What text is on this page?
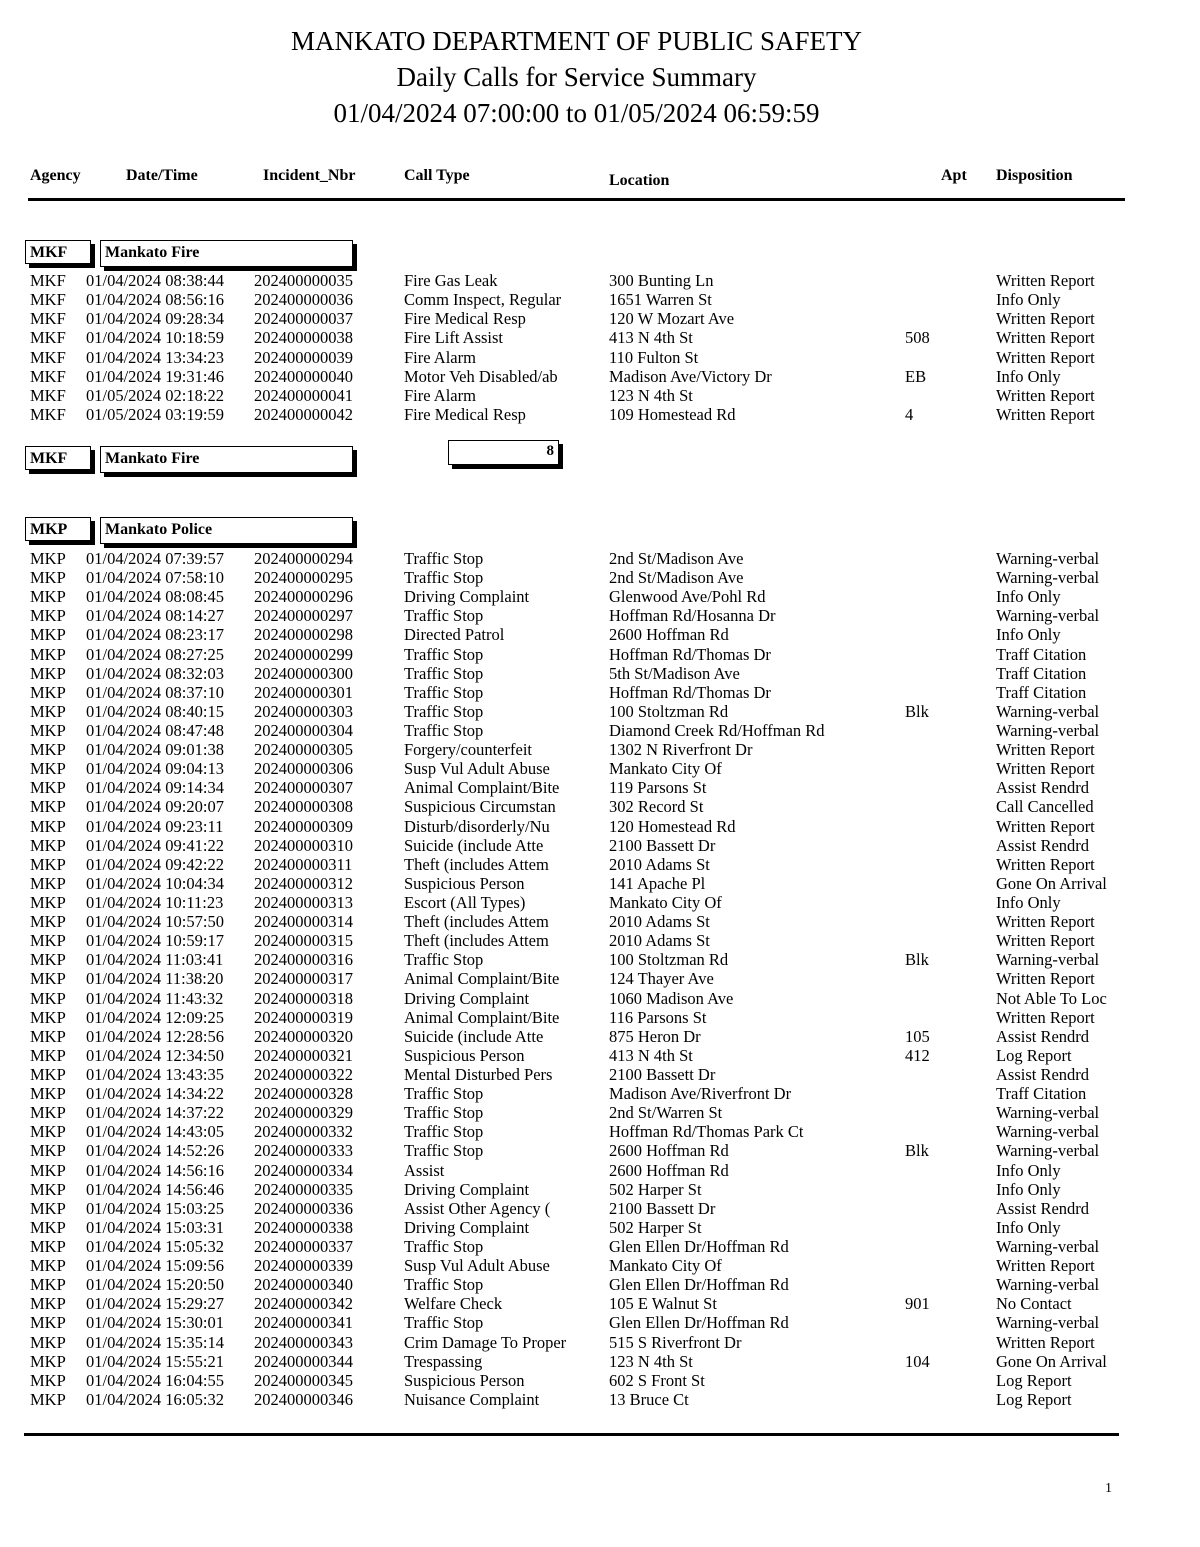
MANKATO DEPARTMENT OF PUBLIC SAFETY
Daily Calls for Service Summary
01/04/2024 07:00:00 to 01/05/2024 06:59:59
Agency	Date/Time	Incident_Nbr	Call Type	Location	Apt Disposition
MKF	Mankato Fire
MKF 01/04/2024 08:38:44 202400000035	Fire Gas Leak	300 Bunting Ln	Written Report
MKF 01/04/2024 08:56:16 202400000036	Comm Inspect, Regular	1651 Warren St	Info Only
MKF 01/04/2024 09:28:34 202400000037	Fire Medical Resp	120 W Mozart Ave	Written Report
MKF 01/04/2024 10:18:59 202400000038	Fire Lift Assist	413 N 4th St	508	Written Report
MKF 01/04/2024 13:34:23 202400000039	Fire Alarm	110 Fulton St	Written Report
MKF 01/04/2024 19:31:46 202400000040	Motor Veh Disabled/ab	Madison Ave/Victory Dr	EB	Info Only
MKF 01/05/2024 02:18:22 202400000041	Fire Alarm	123 N 4th St	Written Report
MKF 01/05/2024 03:19:59 202400000042	Fire Medical Resp	109 Homestead Rd	4	Written Report
MKF	Mankato Fire	8
MKP	Mankato Police
MKP 01/04/2024 07:39:57 202400000294	Traffic Stop	2nd St/Madison Ave	Warning-verbal
MKP 01/04/2024 07:58:10 202400000295	Traffic Stop	2nd St/Madison Ave	Warning-verbal
MKP 01/04/2024 08:08:45 202400000296	Driving Complaint	Glenwood Ave/Pohl Rd	Info Only
MKP 01/04/2024 08:14:27 202400000297	Traffic Stop	Hoffman Rd/Hosanna Dr	Warning-verbal
MKP 01/04/2024 08:23:17 202400000298	Directed Patrol	2600 Hoffman Rd	Info Only
MKP 01/04/2024 08:27:25 202400000299	Traffic Stop	Hoffman Rd/Thomas Dr	Traff Citation
MKP 01/04/2024 08:32:03 202400000300	Traffic Stop	5th St/Madison Ave	Traff Citation
MKP 01/04/2024 08:37:10 202400000301	Traffic Stop	Hoffman Rd/Thomas Dr	Traff Citation
MKP 01/04/2024 08:40:15 202400000303	Traffic Stop	100 Stoltzman Rd	Blk	Warning-verbal
MKP 01/04/2024 08:47:48 202400000304	Traffic Stop	Diamond Creek Rd/Hoffman Rd	Warning-verbal
MKP 01/04/2024 09:01:38 202400000305	Forgery/counterfeit	1302 N Riverfront Dr	Written Report
MKP 01/04/2024 09:04:13 202400000306	Susp Vul Adult Abuse	Mankato City Of	Written Report
MKP 01/04/2024 09:14:34 202400000307	Animal Complaint/Bite	119 Parsons St	Assist Rendrd
MKP 01/04/2024 09:20:07 202400000308	Suspicious Circumstan	302 Record St	Call Cancelled
MKP 01/04/2024 09:23:11 202400000309	Disturb/disorderly/Nu	120 Homestead Rd	Written Report
MKP 01/04/2024 09:41:22 202400000310	Suicide (include Atte	2100 Bassett Dr	Assist Rendrd
MKP 01/04/2024 09:42:22 202400000311	Theft (includes Attem	2010 Adams St	Written Report
MKP 01/04/2024 10:04:34 202400000312	Suspicious Person	141 Apache Pl	Gone On Arrival
MKP 01/04/2024 10:11:23 202400000313	Escort (All Types)	Mankato City Of	Info Only
MKP 01/04/2024 10:57:50 202400000314	Theft (includes Attem	2010 Adams St	Written Report
MKP 01/04/2024 10:59:17 202400000315	Theft (includes Attem	2010 Adams St	Written Report
MKP 01/04/2024 11:03:41 202400000316	Traffic Stop	100 Stoltzman Rd	Blk	Warning-verbal
MKP 01/04/2024 11:38:20 202400000317	Animal Complaint/Bite	124 Thayer Ave	Written Report
MKP 01/04/2024 11:43:32 202400000318	Driving Complaint	1060 Madison Ave	Not Able To Loc
MKP 01/04/2024 12:09:25 202400000319	Animal Complaint/Bite	116 Parsons St	Written Report
MKP 01/04/2024 12:28:56 202400000320	Suicide (include Atte	875 Heron Dr	105	Assist Rendrd
MKP 01/04/2024 12:34:50 202400000321	Suspicious Person	413 N 4th St	412	Log Report
MKP 01/04/2024 13:43:35 202400000322	Mental Disturbed Pers	2100 Bassett Dr	Assist Rendrd
MKP 01/04/2024 14:34:22 202400000328	Traffic Stop	Madison Ave/Riverfront Dr	Traff Citation
MKP 01/04/2024 14:37:22 202400000329	Traffic Stop	2nd St/Warren St	Warning-verbal
MKP 01/04/2024 14:43:05 202400000332	Traffic Stop	Hoffman Rd/Thomas Park Ct	Warning-verbal
MKP 01/04/2024 14:52:26 202400000333	Traffic Stop	2600 Hoffman Rd	Blk	Warning-verbal
MKP 01/04/2024 14:56:16 202400000334	Assist	2600 Hoffman Rd	Info Only
MKP 01/04/2024 14:56:46 202400000335	Driving Complaint	502 Harper St	Info Only
MKP 01/04/2024 15:03:25 202400000336	Assist Other Agency (	2100 Bassett Dr	Assist Rendrd
MKP 01/04/2024 15:03:31 202400000338	Driving Complaint	502 Harper St	Info Only
MKP 01/04/2024 15:05:32 202400000337	Traffic Stop	Glen Ellen Dr/Hoffman Rd	Warning-verbal
MKP 01/04/2024 15:09:56 202400000339	Susp Vul Adult Abuse	Mankato City Of	Written Report
MKP 01/04/2024 15:20:50 202400000340	Traffic Stop	Glen Ellen Dr/Hoffman Rd	Warning-verbal
MKP 01/04/2024 15:29:27 202400000342	Welfare Check	105 E Walnut St	901	No Contact
MKP 01/04/2024 15:30:01 202400000341	Traffic Stop	Glen Ellen Dr/Hoffman Rd	Warning-verbal
MKP 01/04/2024 15:35:14 202400000343	Crim Damage To Proper	515 S Riverfront Dr	Written Report
MKP 01/04/2024 15:55:21 202400000344	Trespassing	123 N 4th St	104	Gone On Arrival
MKP 01/04/2024 16:04:55 202400000345	Suspicious Person	602 S Front St	Log Report
MKP 01/04/2024 16:05:32 202400000346	Nuisance Complaint	13 Bruce Ct	Log Report
1
